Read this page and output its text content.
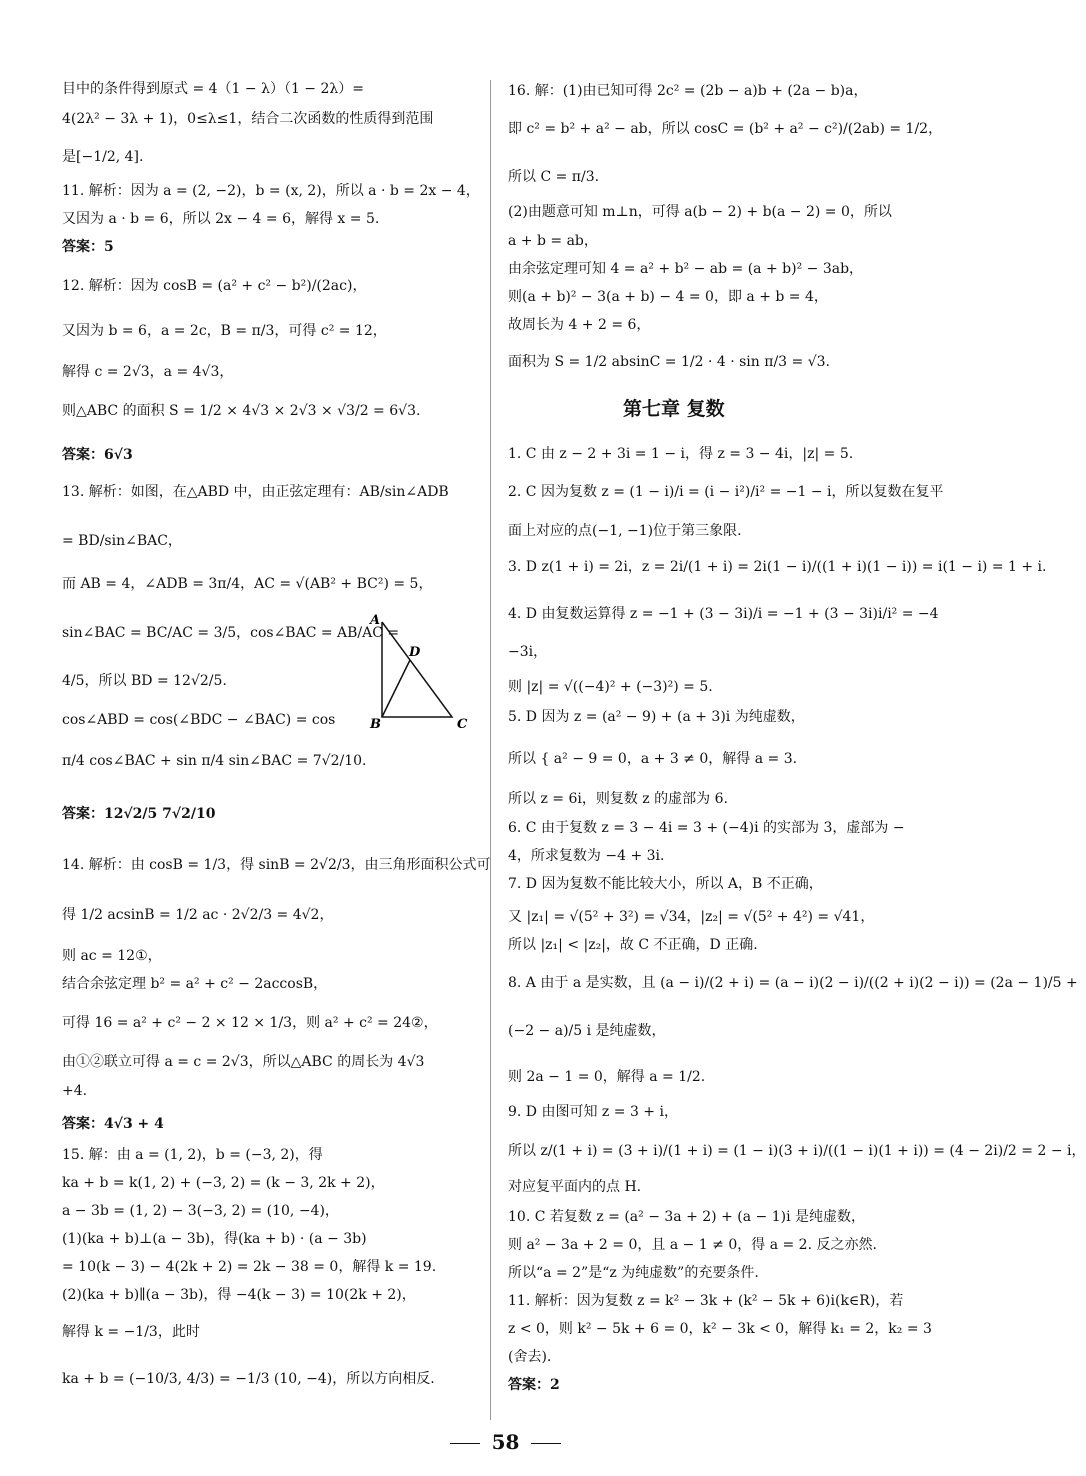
目中的条件得到原式 = 4（1 − λ）（1 − 2λ）=
4(2λ² − 3λ + 1)，0≤λ≤1，结合二次函数的性质得到范围
是[−1/2, 4].
11. 解析：因为 a = (2, −2)，b = (x, 2)，所以 a · b = 2x − 4，
又因为 a · b = 6，所以 2x − 4 = 6，解得 x = 5.
答案：5
12. 解析：因为 cosB = (a² + c² − b²)/(2ac)，
又因为 b = 6，a = 2c，B = π/3，可得 c² = 12，
解得 c = 2√3，a = 4√3，
则△ABC 的面积 S = 1/2 × 4√3 × 2√3 × √3/2 = 6√3.
答案：6√3
13. 解析：如图，在△ABD 中，由正弦定理有：AB/sin∠ADB
= BD/sin∠BAC，
而 AB = 4，∠ADB = 3π/4，AC = √(AB² + BC²) = 5，
sin∠BAC = BC/AC = 3/5，cos∠BAC = AB/AC =
4/5，所以 BD = 12√2/5.
cos∠ABD = cos(∠BDC − ∠BAC) = cos
π/4 cos∠BAC + sin π/4 sin∠BAC = 7√2/10.
答案：12√2/5 7√2/10
14. 解析：由 cosB = 1/3，得 sinB = 2√2/3，由三角形面积公式可
得 1/2 acsinB = 1/2 ac · 2√2/3 = 4√2，
则 ac = 12①，
结合余弦定理 b² = a² + c² − 2accosB，
可得 16 = a² + c² − 2 × 12 × 1/3，则 a² + c² = 24②，
由①②联立可得 a = c = 2√3，所以△ABC 的周长为 4√3
+4.
答案：4√3 + 4
15. 解：由 a = (1, 2)，b = (−3, 2)，得
ka + b = k(1, 2) + (−3, 2) = (k − 3, 2k + 2)，
a − 3b = (1, 2) − 3(−3, 2) = (10, −4)，
(1)(ka + b)⊥(a − 3b)，得(ka + b) · (a − 3b)
= 10(k − 3) − 4(2k + 2) = 2k − 38 = 0，解得 k = 19.
(2)(ka + b)∥(a − 3b)，得 −4(k − 3) = 10(2k + 2)，
解得 k = −1/3，此时
ka + b = (−10/3, 4/3) = −1/3 (10, −4)，所以方向相反.
A
B	C
D
16. 解：(1)由已知可得 2c² = (2b − a)b + (2a − b)a，
即 c² = b² + a² − ab，所以 cosC = (b² + a² − c²)/(2ab) = 1/2，
所以 C = π/3.
(2)由题意可知 m⊥n，可得 a(b − 2) + b(a − 2) = 0，所以
a + b = ab，
由余弦定理可知 4 = a² + b² − ab = (a + b)² − 3ab，
则(a + b)² − 3(a + b) − 4 = 0，即 a + b = 4，
故周长为 4 + 2 = 6，
面积为 S = 1/2 absinC = 1/2 · 4 · sin π/3 = √3.
第七章 复数
1. C 由 z − 2 + 3i = 1 − i，得 z = 3 − 4i，|z| = 5.
2. C 因为复数 z = (1 − i)/i = (i − i²)/i² = −1 − i，所以复数在复平
面上对应的点(−1, −1)位于第三象限.
3. D z(1 + i) = 2i，z = 2i/(1 + i) = 2i(1 − i)/((1 + i)(1 − i)) = i(1 − i) = 1 + i.
4. D 由复数运算得 z = −1 + (3 − 3i)/i = −1 + (3 − 3i)i/i² = −4
−3i，
则 |z| = √((−4)² + (−3)²) = 5.
5. D 因为 z = (a² − 9) + (a + 3)i 为纯虚数，
所以 { a² − 9 = 0，a + 3 ≠ 0，解得 a = 3.
所以 z = 6i，则复数 z 的虚部为 6.
6. C 由于复数 z = 3 − 4i = 3 + (−4)i 的实部为 3，虚部为 −
4，所求复数为 −4 + 3i.
7. D 因为复数不能比较大小，所以 A，B 不正确，
又 |z₁| = √(5² + 3²) = √34，|z₂| = √(5² + 4²) = √41，
所以 |z₁| < |z₂|，故 C 不正确，D 正确.
8. A 由于 a 是实数，且 (a − i)/(2 + i) = (a − i)(2 − i)/((2 + i)(2 − i)) = (2a − 1)/5 +
(−2 − a)/5 i 是纯虚数，
则 2a − 1 = 0，解得 a = 1/2.
9. D 由图可知 z = 3 + i，
所以 z/(1 + i) = (3 + i)/(1 + i) = (1 − i)(3 + i)/((1 − i)(1 + i)) = (4 − 2i)/2 = 2 − i，
对应复平面内的点 H.
10. C 若复数 z = (a² − 3a + 2) + (a − 1)i 是纯虚数，
则 a² − 3a + 2 = 0，且 a − 1 ≠ 0，得 a = 2. 反之亦然.
所以“a = 2”是“z 为纯虚数”的充要条件.
11. 解析：因为复数 z = k² − 3k + (k² − 5k + 6)i(k∈R)，若
z < 0，则 k² − 5k + 6 = 0，k² − 3k < 0，解得 k₁ = 2，k₂ = 3
(舍去).
答案：2
58
